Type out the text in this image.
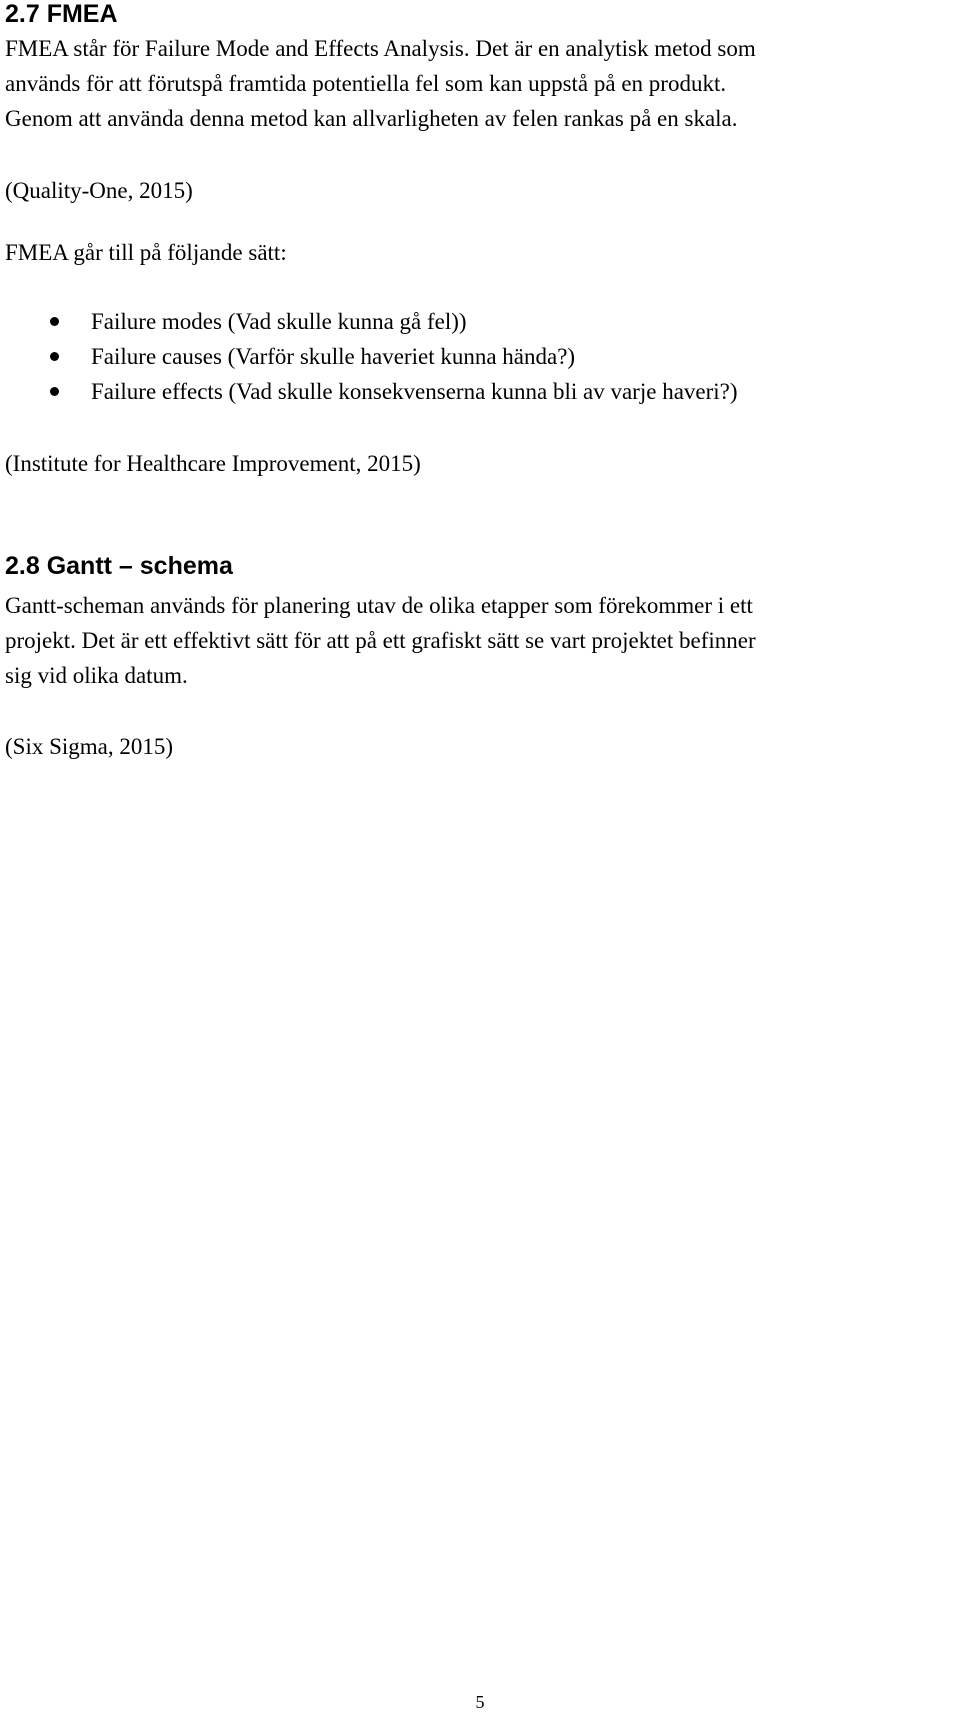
2.7 FMEA

FMEA står för Failure Mode and Effects Analysis. Det är en analytisk metod som

används för att förutspå framtida potentiella fel som kan uppstå på en produkt.

Genom att använda denna metod kan allvarligheten av felen rankas på en skala.

(Quality-One, 2015)

FMEA går till på följande sätt:

Failure modes (Vad skulle kunna gå fel))
Failure causes (Varför skulle haveriet kunna hända?)
Failure effects (Vad skulle konsekvenserna kunna bli av varje haveri?)

(Institute for Healthcare Improvement, 2015)

2.8 Gantt – schema

Gantt-scheman används för planering utav de olika etapper som förekommer i ett

projekt. Det är ett effektivt sätt för att på ett grafiskt sätt se vart projektet befinner

sig vid olika datum.

(Six Sigma, 2015)

5
